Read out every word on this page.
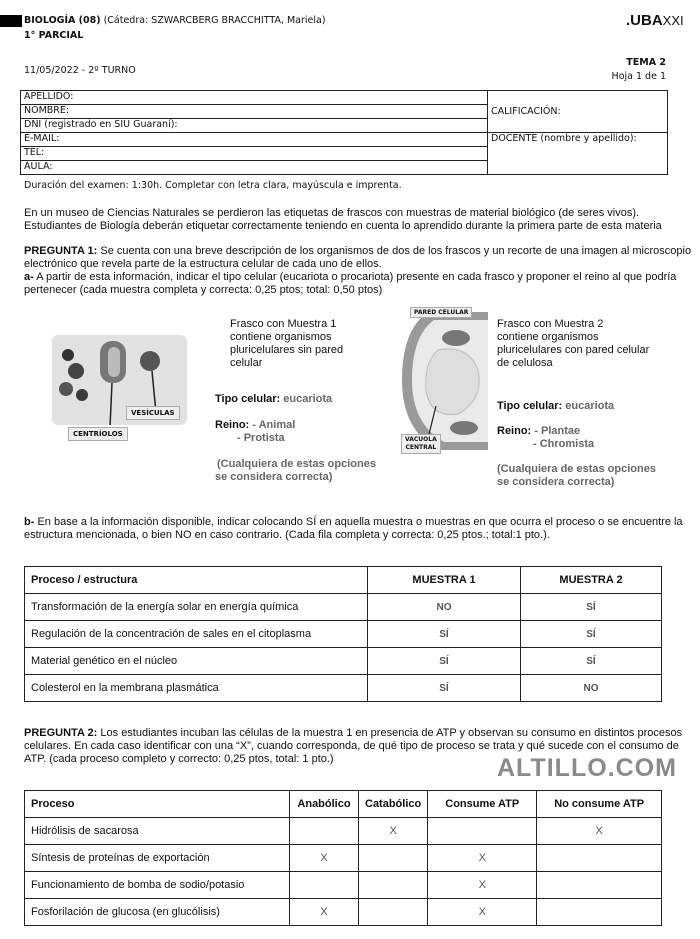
BIOLOGÍA (08) (Cátedra: SZWARCBERG BRACCHITTA, Mariela)
1° PARCIAL
.UBAXXI
11/05/2022 - 2º TURNO
TEMA 2
Hoja 1 de 1
APELLIDO:	CALIFICACIÓN:
NOMBRE:	
DNI (registrado en SIU Guaraní):	
E-MAIL:	DOCENTE (nombre y apellido):
TEL:	
AULA:	
Duración del examen: 1:30h. Completar con letra clara, mayúscula e imprenta.
En un museo de Ciencias Naturales se perdieron las etiquetas de frascos con muestras de material biológico (de seres vivos).
Estudiantes de Biología deberán etiquetar correctamente teniendo en cuenta lo aprendido durante la primera parte de esta materia
PREGUNTA 1: Se cuenta con una breve descripción de los organismos de dos de los frascos y un recorte de una imagen al microscopio
electrónico que revela parte de la estructura celular de cada uno de ellos.
a- A partir de esta información, indicar el tipo celular (eucariota o procariota) presente en cada frasco y proponer el reino al que podría
pertenecer (cada muestra completa y correcta: 0,25 ptos; total: 0,50 ptos)
VESÍCULAS
CENTRÍOLOS
Frasco con Muestra 1
contiene organismos
pluricelulares sin pared
celular
Tipo celular: eucariota
Reino: - Animal
- Protista
(Cualquiera de estas opciones
se considera correcta)
PARED CELULAR
VACUOLA
CENTRAL
Frasco con Muestra 2
contiene organismos
pluricelulares con pared celular
de celulosa
Tipo celular: eucariota
Reino: - Plantae
- Chromista
(Cualquiera de estas opciones
se considera correcta)
b- En base a la información disponible, indicar colocando SÍ en aquella muestra o muestras en que ocurra el proceso o se encuentre la
estructura mencionada, o bien NO en caso contrario. (Cada fila completa y correcta: 0,25 ptos.; total:1 pto.).
Proceso / estructura	MUESTRA 1	MUESTRA 2
Transformación de la energía solar en energía química	NO	SÍ
Regulación de la concentración de sales en el citoplasma	SÍ	SÍ
Material genético en el núcleo	SÍ	SÍ
Colesterol en la membrana plasmática	SÍ	NO
PREGUNTA 2: Los estudiantes incuban las células de la muestra 1 en presencia de ATP y observan su consumo en distintos procesos
celulares. En cada caso identificar con una “X”, cuando corresponda, de qué tipo de proceso se trata y qué sucede con el consumo de
ATP. (cada proceso completo y correcto: 0,25 ptos, total: 1 pto.)	ALTILLO.COM
Proceso	Anabólico	Catabólico	Consume ATP	No consume ATP
Hidrólisis de sacarosa		X		X
Síntesis de proteínas de exportación	X		X	
Funcionamiento de bomba de sodio/potasio			X	
Fosforilación de glucosa (en glucólisis)	X		X	
